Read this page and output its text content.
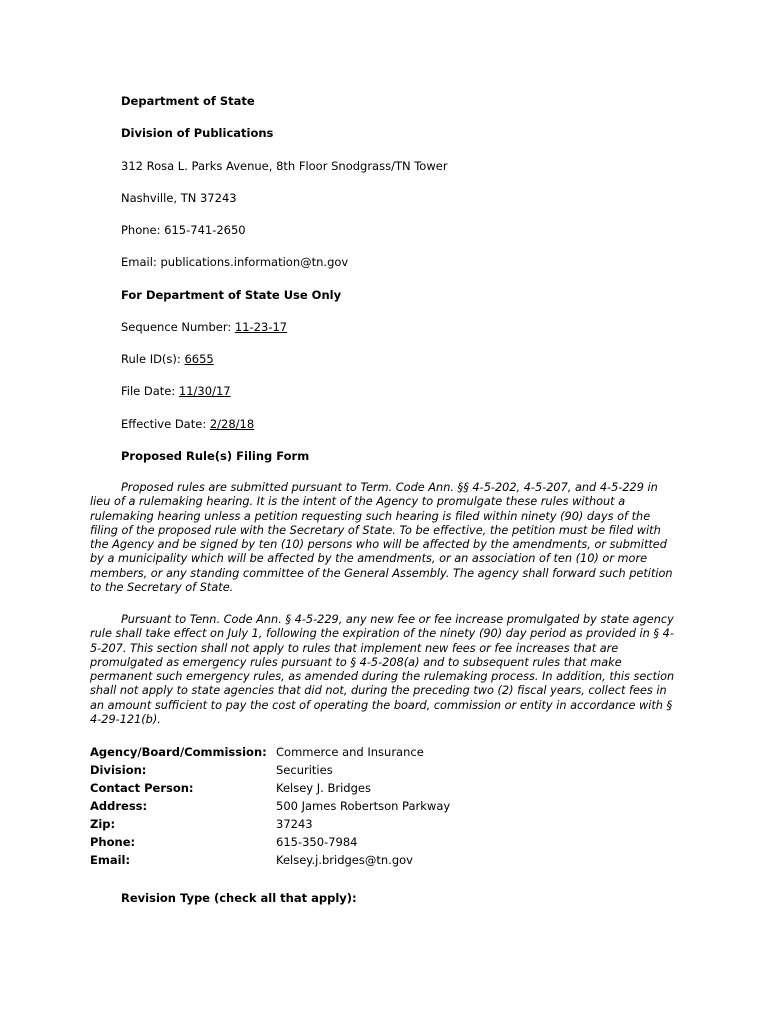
Department of State
Division of Publications
312 Rosa L. Parks Avenue, 8th Floor Snodgrass/TN Tower
Nashville, TN 37243
Phone: 615-741-2650
Email: publications.information@tn.gov
For Department of State Use Only
Sequence Number: 11-23-17
Rule ID(s): 6655
File Date: 11/30/17
Effective Date: 2/28/18
Proposed Rule(s) Filing Form

Proposed rules are submitted pursuant to Term. Code Ann. §§ 4-5-202, 4-5-207, and 4-5-229 in lieu of a rulemaking hearing. It is the intent of the Agency to promulgate these rules without a rulemaking hearing unless a petition requesting such hearing is filed within ninety (90) days of the filing of the proposed rule with the Secretary of State. To be effective, the petition must be filed with the Agency and be signed by ten (10) persons who will be affected by the amendments, or submitted by a municipality which will be affected by the amendments, or an association of ten (10) or more members, or any standing committee of the General Assembly. The agency shall forward such petition to the Secretary of State.

Pursuant to Tenn. Code Ann. § 4-5-229, any new fee or fee increase promulgated by state agency rule shall take effect on July 1, following the expiration of the ninety (90) day period as provided in § 4-5-207. This section shall not apply to rules that implement new fees or fee increases that are promulgated as emergency rules pursuant to § 4-5-208(a) and to subsequent rules that make permanent such emergency rules, as amended during the rulemaking process. In addition, this section shall not apply to state agencies that did not, during the preceding two (2) fiscal years, collect fees in an amount sufficient to pay the cost of operating the board, commission or entity in accordance with § 4-29-121(b).

Agency/Board/Commission: Commerce and Insurance
Division:	Securities
Contact Person:	Kelsey J. Bridges
Address:	500 James Robertson Parkway
Zip:	37243
Phone:	615-350-7984
Email:	Kelsey.j.bridges@tn.gov
Revision Type (check all that apply):
